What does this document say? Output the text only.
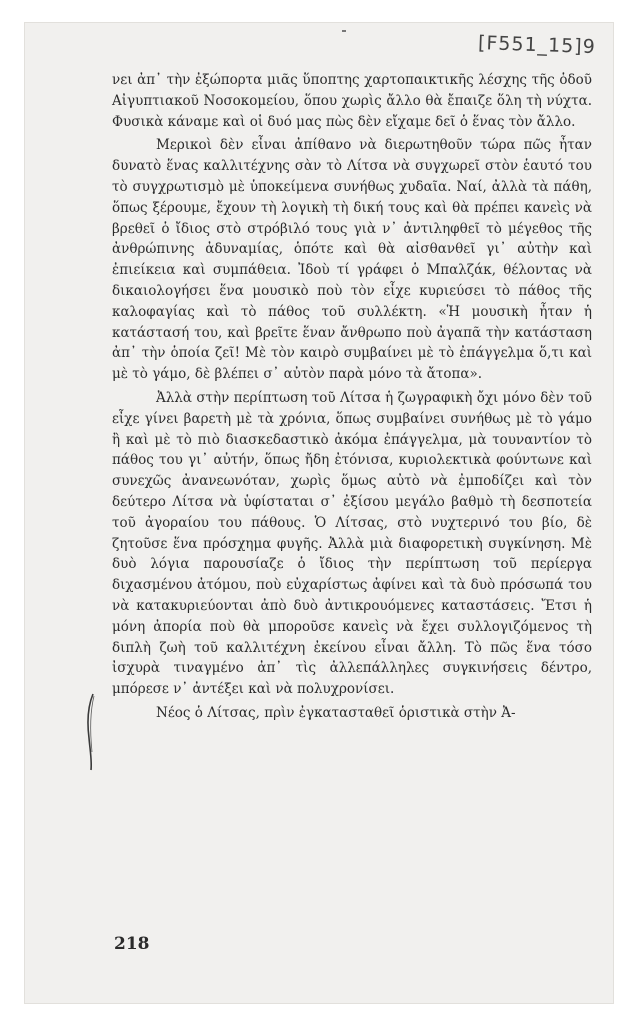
[F551_15]9

νει ἀπ᾿ τὴν ἐξώπορτα μιᾶς ὕποπτης χαρτοπαικτικῆς λέσχης τῆς ὁδοῦ Αἰγυπτιακοῦ Νοσοκομείου, ὅπου χωρὶς ἄλλο θὰ ἔπαιζε ὅλη τὴ νύχτα. Φυσικὰ κάναμε καὶ οἱ δυό μας πὼς δὲν εἴχαμε δεῖ ὁ ἕνας τὸν ἄλλο.

Μερικοὶ δὲν εἶναι ἀπίθανο νὰ διερωτηθοῦν τώρα πῶς ἦταν δυνατὸ ἕνας καλλιτέχνης σὰν τὸ Λίτσα νὰ συγχωρεῖ στὸν ἑαυτό του τὸ συγχρωτισμὸ μὲ ὑποκείμενα συνήθως χυδαῖα. Ναί, ἀλλὰ τὰ πάθη, ὅπως ξέρουμε, ἔχουν τὴ λογικὴ τὴ δική τους καὶ θὰ πρέπει κανεὶς νὰ βρεθεῖ ὁ ἴδιος στὸ στρόβιλό τους γιὰ ν᾿ ἀντιληφθεῖ τὸ μέγεθος τῆς ἀνθρώπινης ἀδυναμίας, ὁπότε καὶ θὰ αἰσθανθεῖ γι᾿ αὐτὴν καὶ ἐπιείκεια καὶ συμπάθεια. Ἰδοὺ τί γράφει ὁ Μπαλζάκ, θέλοντας νὰ δικαιολογήσει ἕνα μουσικὸ ποὺ τὸν εἶχε κυριεύσει τὸ πάθος τῆς καλοφαγίας καὶ τὸ πάθος τοῦ συλλέκτη. «Ἡ μουσικὴ ἦταν ἡ κατάστασή του, καὶ βρεῖτε ἕναν ἄνθρωπο ποὺ ἀγαπᾶ τὴν κατάσταση ἀπ᾿ τὴν ὁποία ζεῖ! Μὲ τὸν καιρὸ συμβαίνει μὲ τὸ ἐπάγγελμα ὅ,τι καὶ μὲ τὸ γάμο, δὲ βλέπει σ᾿ αὐτὸν παρὰ μόνο τὰ ἄτοπα».

Ἀλλὰ στὴν περίπτωση τοῦ Λίτσα ἡ ζωγραφικὴ ὄχι μόνο δὲν τοῦ εἶχε γίνει βαρετὴ μὲ τὰ χρόνια, ὅπως συμβαίνει συνήθως μὲ τὸ γάμο ἢ καὶ μὲ τὸ πιὸ διασκεδαστικὸ ἀκόμα ἐπάγγελμα, μὰ τουναντίον τὸ πάθος του γι᾿ αὐτήν, ὅπως ἤδη ἐτόνισα, κυριολεκτικὰ φούντωνε καὶ συνεχῶς ἀνανεωνόταν, χωρὶς ὅμως αὐτὸ νὰ ἐμποδίζει καὶ τὸν δεύτερο Λίτσα νὰ ὑφίσταται σ᾿ ἐξίσου μεγάλο βαθμὸ τὴ δεσποτεία τοῦ ἀγοραίου του πάθους. Ὁ Λίτσας, στὸ νυχτερινό του βίο, δὲ ζητοῦσε ἕνα πρόσχημα φυγῆς. Ἀλλὰ μιὰ διαφορετικὴ συγκίνηση. Μὲ δυὸ λόγια παρουσίαζε ὁ ἴδιος τὴν περίπτωση τοῦ περίεργα διχασμένου ἀτόμου, ποὺ εὐχαρίστως ἀφίνει καὶ τὰ δυὸ πρόσωπά του νὰ κατακυριεύονται ἀπὸ δυὸ ἀντικρουόμενες καταστάσεις. Ἔτσι ἡ μόνη ἀπορία ποὺ θὰ μποροῦσε κανεὶς νὰ ἔχει συλλογιζόμενος τὴ διπλὴ ζωὴ τοῦ καλλιτέχνη ἐκείνου εἶναι ἄλλη. Τὸ πῶς ἕνα τόσο ἰσχυρὰ τιναγμένο ἀπ᾿ τὶς ἀλλεπάλληλες συγκινήσεις δέντρο, μπόρεσε ν᾿ ἀντέξει καὶ νὰ πολυχρονίσει.

Νέος ὁ Λίτσας, πρὶν ἐγκατασταθεῖ ὁριστικὰ στὴν Ἀ-

218
